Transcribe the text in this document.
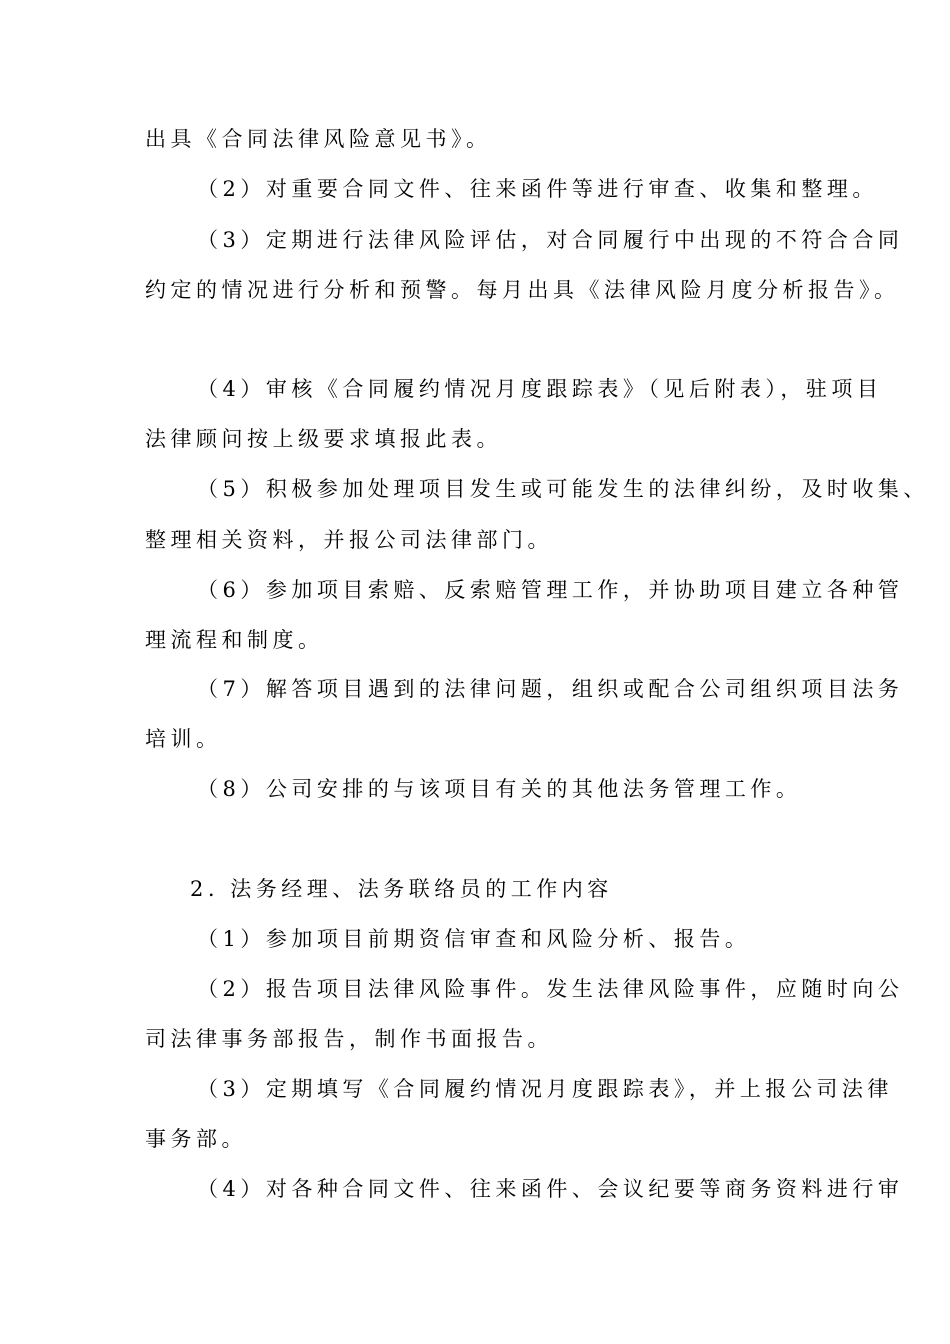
出具《合同法律风险意见书》。
（2）对重要合同文件、往来函件等进行审查、收集和整理。
（3）定期进行法律风险评估，对合同履行中出现的不符合合同
约定的情况进行分析和预警。每月出具《法律风险月度分析报告》。
（4）审核《合同履约情况月度跟踪表》（见后附表），驻项目
法律顾问按上级要求填报此表。
（5）积极参加处理项目发生或可能发生的法律纠纷，及时收集、
整理相关资料，并报公司法律部门。
（6）参加项目索赔、反索赔管理工作，并协助项目建立各种管
理流程和制度。
（7）解答项目遇到的法律问题，组织或配合公司组织项目法务
培训。
（8）公司安排的与该项目有关的其他法务管理工作。
2. 法务经理、法务联络员的工作内容
（1）参加项目前期资信审查和风险分析、报告。
（2）报告项目法律风险事件。发生法律风险事件，应随时向公
司法律事务部报告，制作书面报告。
（3）定期填写《合同履约情况月度跟踪表》，并上报公司法律
事务部。
（4）对各种合同文件、往来函件、会议纪要等商务资料进行审
